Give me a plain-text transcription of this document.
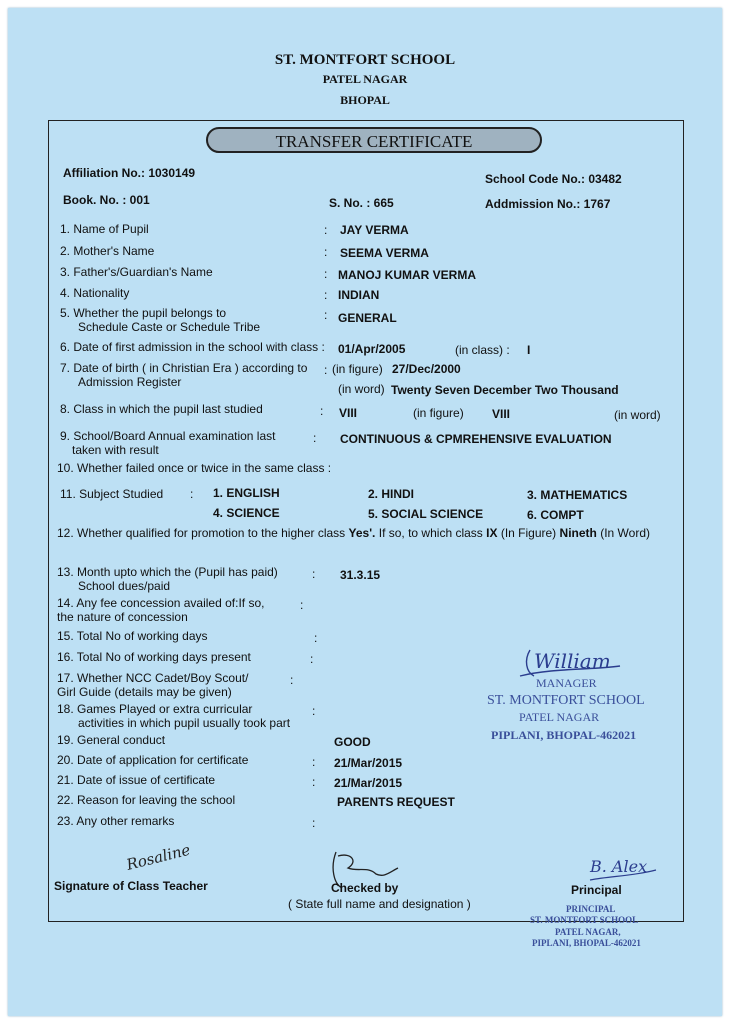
ST. MONTFORT SCHOOL
PATEL NAGAR
BHOPAL
TRANSFER CERTIFICATE
Affiliation No.: 1030149	School Code No.: 03482
Book. No. : 001	S. No. : 665	Addmission No.: 1767
1. Name of Pupil	: JAY VERMA
2. Mother's Name	: SEEMA VERMA
3. Father's/Guardian's Name	: MANOJ KUMAR VERMA
4. Nationality	: INDIAN
5. Whether the pupil belongs to
Schedule Caste or Schedule Tribe
: GENERAL
6. Date of first admission in the school with class : 01/Apr/2005	(in class) : I
7. Date of birth ( in Christian Era ) according to
Admission Register
: (in figure) 27/Dec/2000
(in word) Twenty Seven December Two Thousand
8. Class in which the pupil last studied	: VIII	(in figure) VIII	(in word)
9. School/Board Annual examination last
taken with result
: CONTINUOUS & CPMREHENSIVE EVALUATION
10. Whether failed once or twice in the same class :
11. Subject Studied : 1. ENGLISH	2. HINDI	3. MATHEMATICS
4. SCIENCE	5. SOCIAL SCIENCE	6. COMPT
12. Whether qualified for promotion to the higher class Yes'. If so, to which class IX (In Figure) Nineth (In Word)
13. Month upto which the (Pupil has paid)
School dues/paid
: 31.3.15
14. Any fee concession availed of:If so,
the nature of concession
:
15. Total No of working days	:
16. Total No of working days present	:
17. Whether NCC Cadet/Boy Scout/
Girl Guide (details may be given)
:
18. Games Played or extra curricular
activities in which pupil usually took part
:
19. General conduct	GOOD
20. Date of application for certificate	: 21/Mar/2015
21. Date of issue of certificate	: 21/Mar/2015
22. Reason for leaving the school	PARENTS REQUEST
23. Any other remarks	:
William
MANAGER
ST. MONTFORT SCHOOL
PATEL NAGAR
PIPLANI, BHOPAL-462021
Rosaline	B. Alex
Signature of Class Teacher	Checked by
( State full name and designation )
Principal
PRINCIPAL
ST. MONTFORT SCHOOL
PATEL NAGAR,
PIPLANI, BHOPAL-462021
